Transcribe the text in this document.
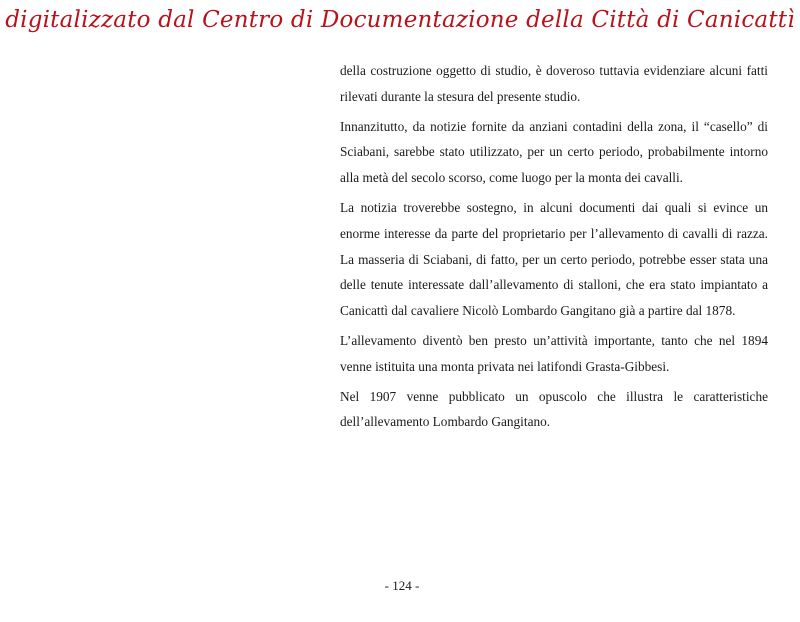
digitalizzato dal Centro di Documentazione della Città di Canicattì

della costruzione oggetto di studio, è doveroso tuttavia evidenziare alcuni fatti rilevati durante la stesura del presente studio.

Innanzitutto, da notizie fornite da anziani contadini della zona, il “casello” di Sciabani, sarebbe stato utilizzato, per un certo periodo, probabilmente intorno alla metà del secolo scorso, come luogo per la monta dei cavalli.

La notizia troverebbe sostegno, in alcuni documenti dai quali si evince un enorme interesse da parte del proprietario per l’allevamento di cavalli di razza. La masseria di Sciabani, di fatto, per un certo periodo, potrebbe esser stata una delle tenute interessate dall’allevamento di stalloni, che era stato impiantato a Canicattì dal cavaliere Nicolò Lombardo Gangitano già a partire dal 1878.

L’allevamento diventò ben presto un’attività importante, tanto che nel 1894 venne istituita una monta privata nei latifondi Grasta-Gibbesi.

Nel 1907 venne pubblicato un opuscolo che illustra le caratteristiche dell’allevamento Lombardo Gangitano.

- 124 -
